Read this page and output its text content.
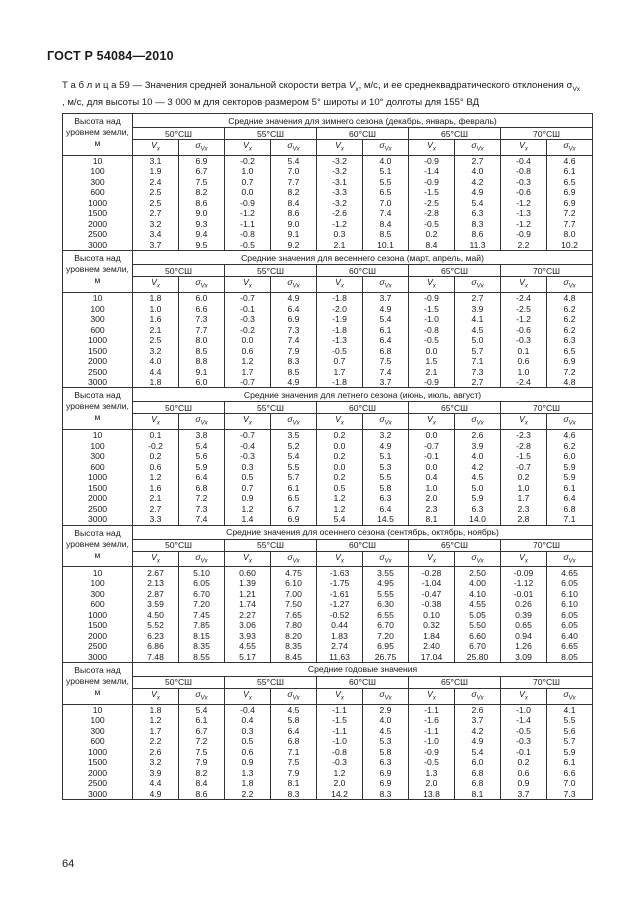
ГОСТ Р 54084—2010
Т а б л и ц а 59 — Значения средней зональной скорости ветра $V_x$, м/с, и ее среднеквадратического отклонения $\sigma_{Vx}$
, м/с, для высоты 10 — 3 000 м для секторов размером 5° широты и 10° долготы для 155° ВД
Высота над уровнем земли, м	Средние значения для зимнего сезона (декабрь, январь, февраль)									
	50°СШ		55°СШ		60°СШ		65°СШ		70°СШ	
	$V_x$	$\sigma_{Vx}$	$V_x$	$\sigma_{Vx}$	$V_x$	$\sigma_{Vx}$	$V_x$	$\sigma_{Vx}$	$V_x$	$\sigma_{Vx}$
10	3.1	6.9	-0.2	5.4	-3.2	4.0	-0.9	2.7	-0.4	4.6
100	1.9	6.7	1.0	7.0	-3.2	5.1	-1.4	4.0	-0.8	6.1
300	2.4	7.5	0.7	7.7	-3.1	5.5	-0.9	4.2	-0.3	6.5
600	2.5	8.2	0.0	8.2	-3.3	6.5	-1.5	4.9	-0.6	6.9
1000	2.5	8.6	-0.9	8.4	-3.2	7.0	-2.5	5.4	-1.2	6.9
1500	2.7	9.0	-1.2	8.6	-2.6	7.4	-2.8	6.3	-1.3	7.2
2000	3.2	9.3	-1.1	9.0	-1.2	8.4	-0.5	8.3	-1.2	7.7
2500	3.4	9.4	-0.8	9.1	0.3	8.5	0.2	8.6	-0.9	8.0
3000	3.7	9.5	-0.5	9.2	2.1	10.1	8.4	11.3	2.2	10.2
Высота над уровнем земли, м	Средние значения для весеннего сезона (март, апрель, май)									
	50°СШ		55°СШ		60°СШ		65°СШ		70°СШ	
	$V_x$	$\sigma_{Vx}$	$V_x$	$\sigma_{Vx}$	$V_x$	$\sigma_{Vx}$	$V_x$	$\sigma_{Vx}$	$V_x$	$\sigma_{Vx}$
10	1.8	6.0	-0.7	4.9	-1.8	3.7	-0.9	2.7	-2.4	4.8
100	1.0	6.6	-0.1	6.4	-2.0	4.9	-1.5	3.9	-2.5	6.2
300	1.6	7.3	-0.3	6.9	-1.9	5.4	-1.0	4.1	-1.2	6.2
600	2.1	7.7	-0.2	7.3	-1.8	6.1	-0.8	4.5	-0.6	6.2
1000	2.5	8.0	0.0	7.4	-1.3	6.4	-0.5	5.0	-0.3	6.3
1500	3.2	8.5	0.6	7.9	-0.5	6.8	0.0	5.7	0.1	6.5
2000	4.0	8.8	1.2	8.3	0.7	7.5	1.5	7.1	0.6	6.9
2500	4.4	9.1	1.7	8.5	1.7	7.4	2.1	7.3	1.0	7.2
3000	1.8	6.0	-0.7	4.9	-1.8	3.7	-0.9	2.7	-2.4	4.8
Высота над уровнем земли, м	Средние значения для летнего сезона (июнь, июль, август)									
	50°СШ		55°СШ		60°СШ		65°СШ		70°СШ	
	$V_x$	$\sigma_{Vx}$	$V_x$	$\sigma_{Vx}$	$V_x$	$\sigma_{Vx}$	$V_x$	$\sigma_{Vx}$	$V_x$	$\sigma_{Vx}$
10	0.1	3.8	-0.7	3.5	0.2	3.2	0.0	2.6	-2.3	4.6
100	-0.2	5.4	-0.4	5.2	0.0	4.9	-0.7	3.9	-2.8	6.2
300	0.2	5.6	-0.3	5.4	0.2	5.1	-0.1	4.0	-1.5	6.0
600	0.6	5.9	0.3	5.5	0.0	5.3	0.0	4.2	-0.7	5.9
1000	1.2	6.4	0.5	5.7	0.2	5.5	0.4	4.5	0.2	5.9
1500	1.6	6.8	0.7	6.1	0.5	5.8	1.0	5.0	1.0	6.1
2000	2.1	7.2	0.9	6.5	1.2	6.3	2.0	5.9	1.7	6.4
2500	2.7	7.3	1.2	6.7	1.2	6.4	2.3	6.3	2.3	6.8
3000	3.3	7.4	1.4	6.9	5.4	14.5	8.1	14.0	2.8	7.1
Высота над уровнем земли, м	Средние значения для осеннего сезона (сентябрь, октябрь, ноябрь)									
	50°СШ		55°СШ		60°СШ		65°СШ		70°СШ	
	$V_x$	$\sigma_{Vx}$	$V_x$	$\sigma_{Vx}$	$V_x$	$\sigma_{Vx}$	$V_x$	$\sigma_{Vx}$	$V_x$	$\sigma_{Vx}$
10	2.67	5.10	0.60	4.75	-1.63	3.55	-0.28	2.50	-0.09	4.65
100	2.13	6.05	1.39	6.10	-1.75	4.95	-1.04	4.00	-1.12	6.05
300	2.87	6.70	1.21	7.00	-1.61	5.55	-0.47	4.10	-0.01	6.10
600	3.59	7.20	1.74	7.50	-1.27	6.30	-0.38	4.55	0.26	6.10
1000	4.50	7.45	2.27	7.65	-0.52	6.55	0.10	5.05	0.39	6.05
1500	5.52	7.85	3.06	7.80	0.44	6.70	0.32	5.50	0.65	6.05
2000	6.23	8.15	3.93	8.20	1.83	7.20	1.84	6.60	0.94	6.40
2500	6.86	8.35	4.55	8.35	2.74	6.95	2.40	6.70	1.26	6.65
3000	7.48	8.55	5.17	8.45	11.63	26.75	17.04	25.80	3.09	8.05
Высота над уровнем земли, м	Средние годовые значения									
	50°СШ		55°СШ		60°СШ		65°СШ		70°СШ	
	$V_x$	$\sigma_{Vx}$	$V_x$	$\sigma_{Vx}$	$V_x$	$\sigma_{Vx}$	$V_x$	$\sigma_{Vx}$	$V_x$	$\sigma_{Vx}$
10	1.8	5.4	-0.4	4.5	-1.1	2.9	-1.1	2.6	-1.0	4.1
100	1.2	6.1	0.4	5.8	-1.5	4.0	-1.6	3.7	-1.4	5.5
300	1.7	6.7	0.3	6.4	-1.1	4.5	-1.1	4.2	-0.5	5.6
600	2.2	7.2	0.5	6.8	-1.0	5.3	-1.0	4.9	-0.3	5.7
1000	2.6	7.5	0.6	7.1	-0.8	5.8	-0.9	5.4	-0.1	5.9
1500	3.2	7.9	0.9	7.5	-0.3	6.3	-0.5	6.0	0.2	6.1
2000	3.9	8.2	1.3	7.9	1.2	6.9	1.3	6.8	0.6	6.6
2500	4.4	8.4	1.8	8.1	2.0	6.9	2.0	6.8	0.9	7.0
3000	4.9	8.6	2.2	8.3	14.2	8.3	13.8	8.1	3.7	7.3
64
